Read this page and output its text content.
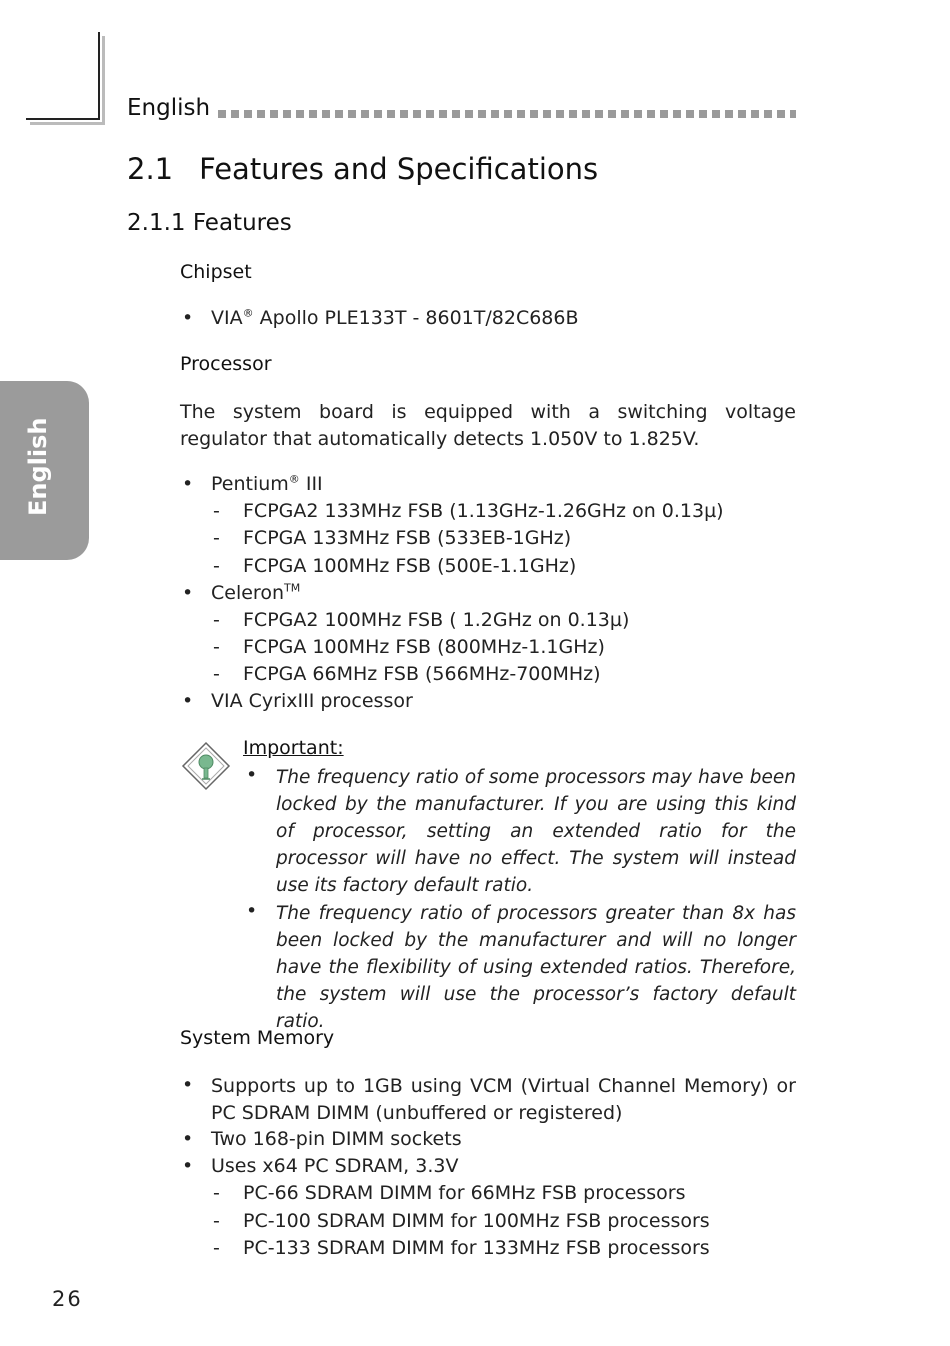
English
English
2.1 Features and Specifications
2.1.1 Features
Chipset
• VIA® Apollo PLE133T - 8601T/82C686B
Processor
The system board is equipped with a switching voltage regulator that automatically detects 1.050V to 1.825V.
• Pentium® III
- FCPGA2 133MHz FSB (1.13GHz-1.26GHz on 0.13µ)
- FCPGA 133MHz FSB (533EB-1GHz)
- FCPGA 100MHz FSB (500E-1.1GHz)
• Celeron™
- FCPGA2 100MHz FSB ( 1.2GHz on 0.13µ)
- FCPGA 100MHz FSB (800MHz-1.1GHz)
- FCPGA 66MHz FSB (566MHz-700MHz)
• VIA CyrixIII processor
Important:
• The frequency ratio of some processors may have been locked by the manufacturer. If you are using this kind of processor, setting an extended ratio for the processor will have no effect. The system will instead use its factory default ratio.
• The frequency ratio of processors greater than 8x has been locked by the manufacturer and will no longer have the flexibility of using extended ratios. Therefore, the system will use the processor’s factory default ratio.
System Memory
• Supports up to 1GB using VCM (Virtual Channel Memory) or PC SDRAM DIMM (unbuffered or registered)
• Two 168-pin DIMM sockets
• Uses x64 PC SDRAM, 3.3V
- PC-66 SDRAM DIMM for 66MHz FSB processors
- PC-100 SDRAM DIMM for 100MHz FSB processors
- PC-133 SDRAM DIMM for 133MHz FSB processors
26
